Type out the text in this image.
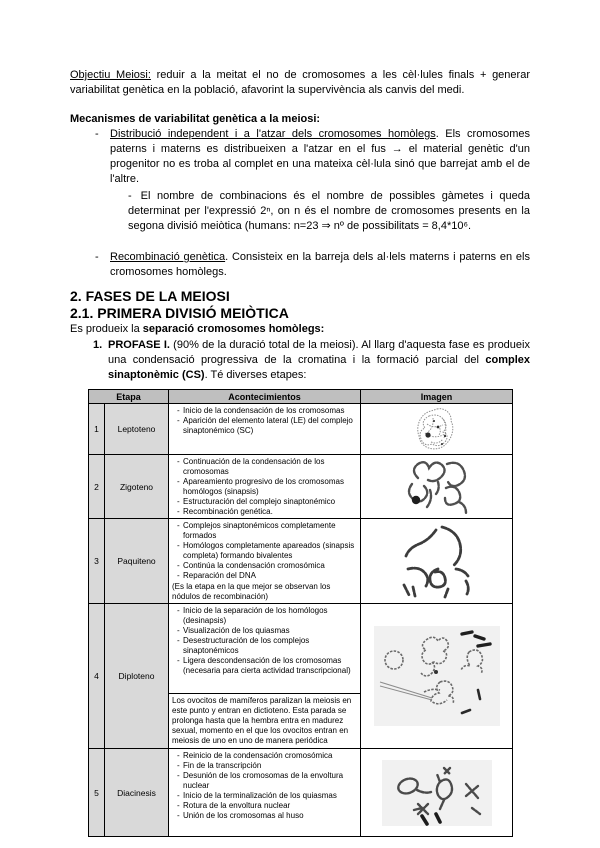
Objectiu Meiosi: reduir a la meitat el no de cromosomes a les cèl·lules finals + generar variabilitat genètica en la població, afavorint la supervivència als canvis del medi.

Mecanismes de variabilitat genètica a la meiosi:

-	Distribució independent i a l'atzar dels cromosomes homòlegs. Els cromosomes paterns i materns es distribueixen a l'atzar en el fus → el material genètic d'un progenitor no es troba al complet en una mateixa cèl·lula sinó que barrejat amb el de l'altre.
- El nombre de combinacions és el nombre de possibles gàmetes i queda determinat per l'expressió 2ⁿ, on n és el nombre de cromosomes presents en la segona divisió meiòtica (humans: n=23 ⇒ nº de possibilitats = 8,4*10⁶.
-	Recombinació genètica. Consisteix en la barreja dels al·lels materns i paterns en els cromosomes homòlegs.
2. FASES DE LA MEIOSI
2.1. PRIMERA DIVISIÓ MEIÒTICA

Es produeix la separació cromosomes homòlegs:

1. PROFASE I. (90% de la duració total de la meiosi). Al llarg d'aquesta fase es produeix una condensació progressiva de la cromatina i la formació parcial del complex sinaptonèmic (CS). Té diverses etapes:
Etapa		Acontecimientos	Imagen
1	Leptoteno	- Inicio de la condensación de los cromosomas
- Aparición del elemento lateral (LE) del complejo sinaptonémico (SC)

2	Zigoteno	
- Continuación de la condensación de los cromosomas
- Apareamiento progresivo de los cromosomas homólogos (sinapsis)
- Estructuración del complejo sinaptonémico
- Recombinación genética.

3	Paquiteno	
- Complejos sinaptonémicos completamente formados
- Homólogos completamente apareados (sinapsis completa) formando bivalentes
- Continúa la condensación cromosómica
- Reparación del DNA
(Es la etapa en la que mejor se observan los nódulos de recombinación)

4	Diploteno	
- Inicio de la separación de los homólogos (desinapsis)
- Visualización de los quiasmas
- Desestructuración de los complejos sinaptonémicos
- Ligera descondensación de los cromosomas (necesaria para cierta actividad transcripcional)

		Los ovocitos de mamíferos paralizan la meiosis en este punto y entran en dictioteno. Esta parada se prolonga hasta que la hembra entra en madurez sexual, momento en el que los ovocitos entran en meiosis de uno en uno de manera periódica	
5	Diacinesis	
- Reinicio de la condensación cromosómica
- Fin de la transcripción
- Desunión de los cromosomas de la envoltura nuclear
- Inicio de la terminalización de los quiasmas
- Rotura de la envoltura nuclear
- Unión de los cromosomas al huso
